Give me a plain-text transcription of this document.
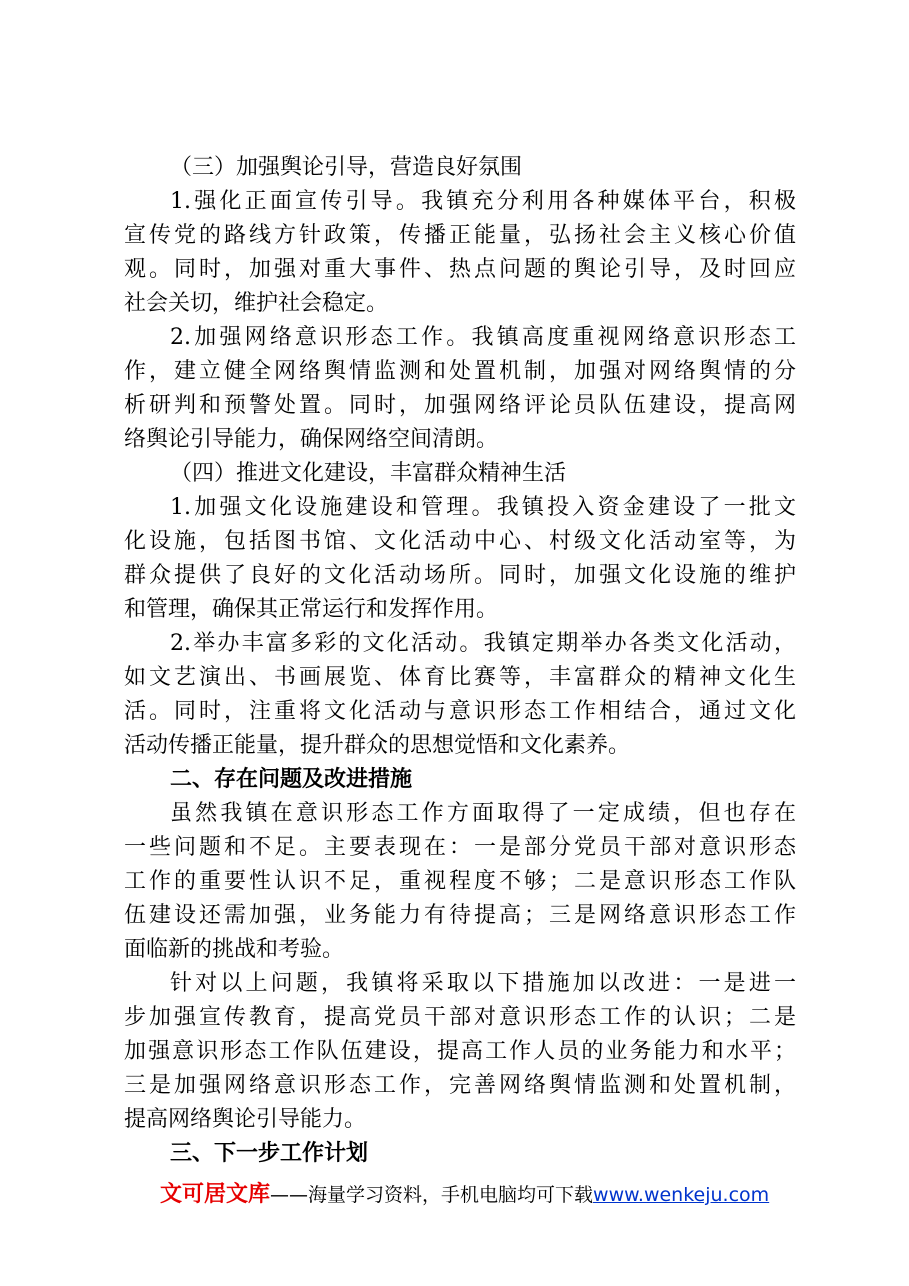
（三）加强舆论引导，营造良好氛围
1.强化正面宣传引导。我镇充分利用各种媒体平台，积极
宣传党的路线方针政策，传播正能量，弘扬社会主义核心价值
观。同时，加强对重大事件、热点问题的舆论引导，及时回应
社会关切，维护社会稳定。
2.加强网络意识形态工作。我镇高度重视网络意识形态工
作，建立健全网络舆情监测和处置机制，加强对网络舆情的分
析研判和预警处置。同时，加强网络评论员队伍建设，提高网
络舆论引导能力，确保网络空间清朗。
（四）推进文化建设，丰富群众精神生活
1.加强文化设施建设和管理。我镇投入资金建设了一批文
化设施，包括图书馆、文化活动中心、村级文化活动室等，为
群众提供了良好的文化活动场所。同时，加强文化设施的维护
和管理，确保其正常运行和发挥作用。
2.举办丰富多彩的文化活动。我镇定期举办各类文化活动，
如文艺演出、书画展览、体育比赛等，丰富群众的精神文化生
活。同时，注重将文化活动与意识形态工作相结合，通过文化
活动传播正能量，提升群众的思想觉悟和文化素养。
二、存在问题及改进措施
虽然我镇在意识形态工作方面取得了一定成绩，但也存在
一些问题和不足。主要表现在：一是部分党员干部对意识形态
工作的重要性认识不足，重视程度不够；二是意识形态工作队
伍建设还需加强，业务能力有待提高；三是网络意识形态工作
面临新的挑战和考验。
针对以上问题，我镇将采取以下措施加以改进：一是进一
步加强宣传教育，提高党员干部对意识形态工作的认识；二是
加强意识形态工作队伍建设，提高工作人员的业务能力和水平；
三是加强网络意识形态工作，完善网络舆情监测和处置机制，
提高网络舆论引导能力。
三、下一步工作计划
文可居文库——海量学习资料，手机电脑均可下载www.wenkeju.com
